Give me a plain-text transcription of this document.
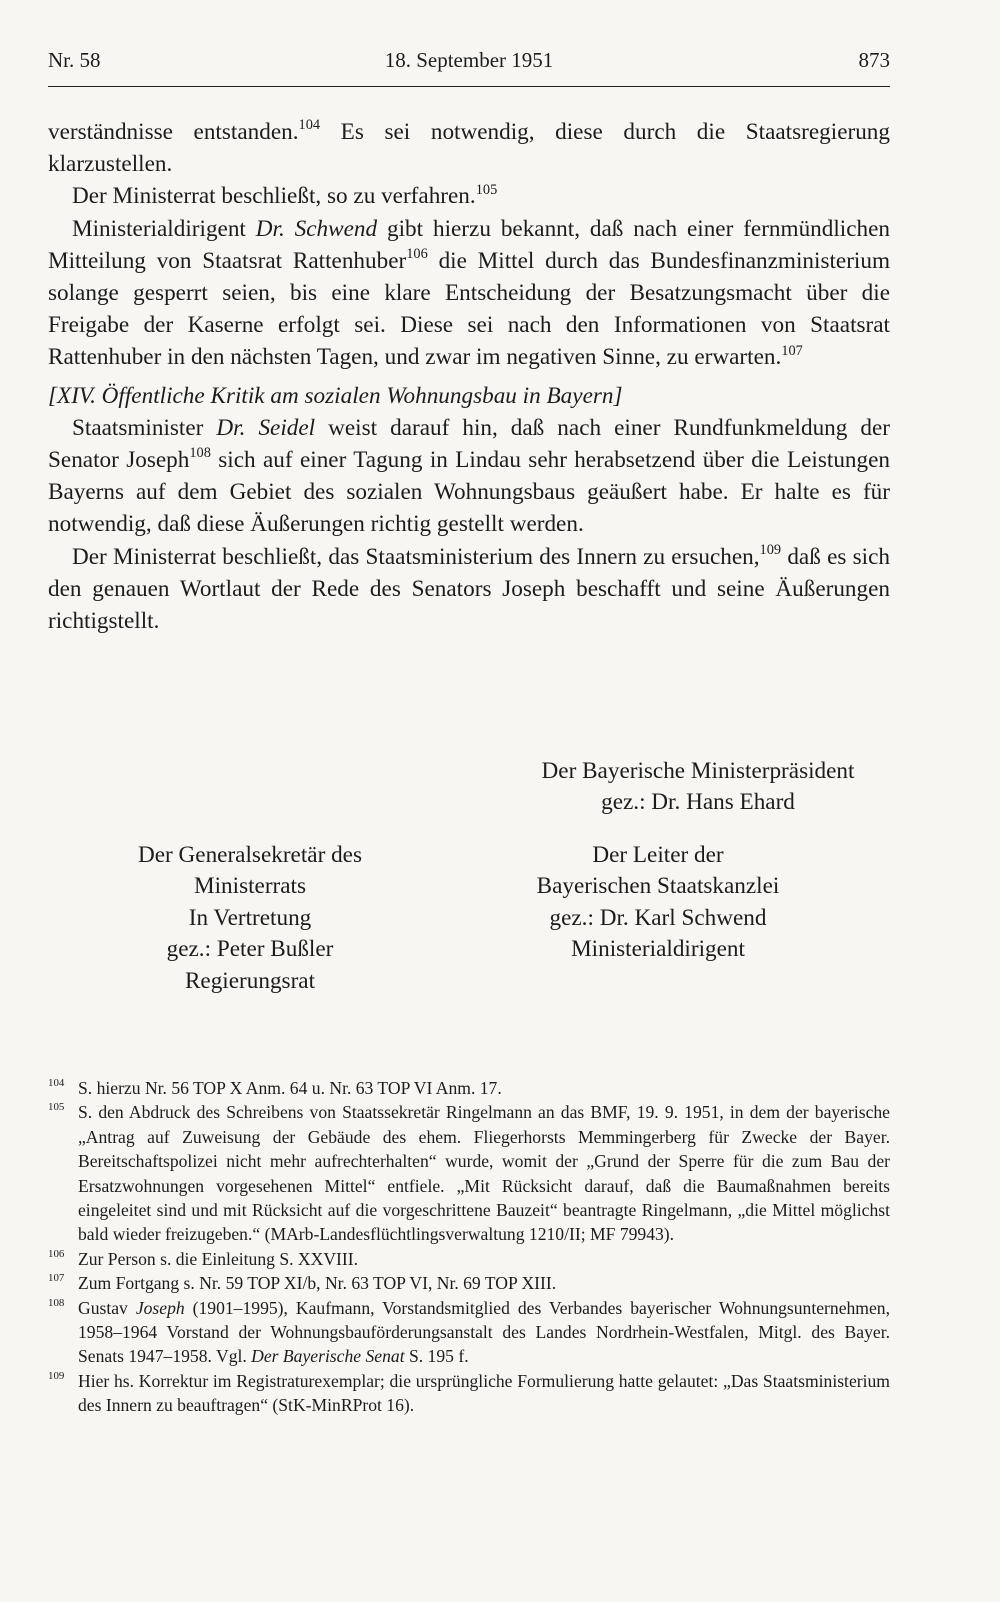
Nr. 58	18. September 1951	873

verständnisse entstanden.$^{104}$ Es sei notwendig, diese durch die Staatsregierung klarzustellen.

Der Ministerrat beschließt, so zu verfahren.$^{105}$

Ministerialdirigent Dr. Schwend gibt hierzu bekannt, daß nach einer fernmündlichen Mitteilung von Staatsrat Rattenhuber$^{106}$ die Mittel durch das Bundesfinanzministerium solange gesperrt seien, bis eine klare Entscheidung der Besatzungsmacht über die Freigabe der Kaserne erfolgt sei. Diese sei nach den Informationen von Staatsrat Rattenhuber in den nächsten Tagen, und zwar im negativen Sinne, zu erwarten.$^{107}$

[XIV. Öffentliche Kritik am sozialen Wohnungsbau in Bayern]

Staatsminister Dr. Seidel weist darauf hin, daß nach einer Rundfunkmeldung der Senator Joseph$^{108}$ sich auf einer Tagung in Lindau sehr herabsetzend über die Leistungen Bayerns auf dem Gebiet des sozialen Wohnungsbaus geäußert habe. Er halte es für notwendig, daß diese Äußerungen richtig gestellt werden.

Der Ministerrat beschließt, das Staatsministerium des Innern zu ersuchen,$^{109}$ daß es sich den genauen Wortlaut der Rede des Senators Joseph beschafft und seine Äußerungen richtigstellt.

Der Bayerische Ministerpräsident
gez.: Dr. Hans Ehard
Der Generalsekretär des
Ministerrats
In Vertretung
gez.: Peter Bußler
Regierungsrat
Der Leiter der
Bayerischen Staatskanzlei
gez.: Dr. Karl Schwend
Ministerialdirigent
104 S. hierzu Nr. 56 TOP X Anm. 64 u. Nr. 63 TOP VI Anm. 17.
105 S. den Abdruck des Schreibens von Staatssekretär Ringelmann an das BMF, 19. 9. 1951, in dem der bayerische „Antrag auf Zuweisung der Gebäude des ehem. Fliegerhorsts Memmingerberg für Zwecke der Bayer. Bereitschaftspolizei nicht mehr aufrechterhalten“ wurde, womit der „Grund der Sperre für die zum Bau der Ersatzwohnungen vorgesehenen Mittel“ entfiele. „Mit Rücksicht darauf, daß die Baumaßnahmen bereits eingeleitet sind und mit Rücksicht auf die vorgeschrittene Bauzeit“ beantragte Ringelmann, „die Mittel möglichst bald wieder freizugeben.“ (MArb-Landesflüchtlingsverwaltung 1210/II; MF 79943).
106 Zur Person s. die Einleitung S. XXVIII.
107 Zum Fortgang s. Nr. 59 TOP XI/b, Nr. 63 TOP VI, Nr. 69 TOP XIII.
108 Gustav Joseph (1901–1995), Kaufmann, Vorstandsmitglied des Verbandes bayerischer Wohnungsunternehmen, 1958–1964 Vorstand der Wohnungsbauförderungsanstalt des Landes Nordrhein-Westfalen, Mitgl. des Bayer. Senats 1947–1958. Vgl. Der Bayerische Senat S. 195 f.
109 Hier hs. Korrektur im Registraturexemplar; die ursprüngliche Formulierung hatte gelautet: „Das Staatsministerium des Innern zu beauftragen“ (StK-MinRProt 16).
